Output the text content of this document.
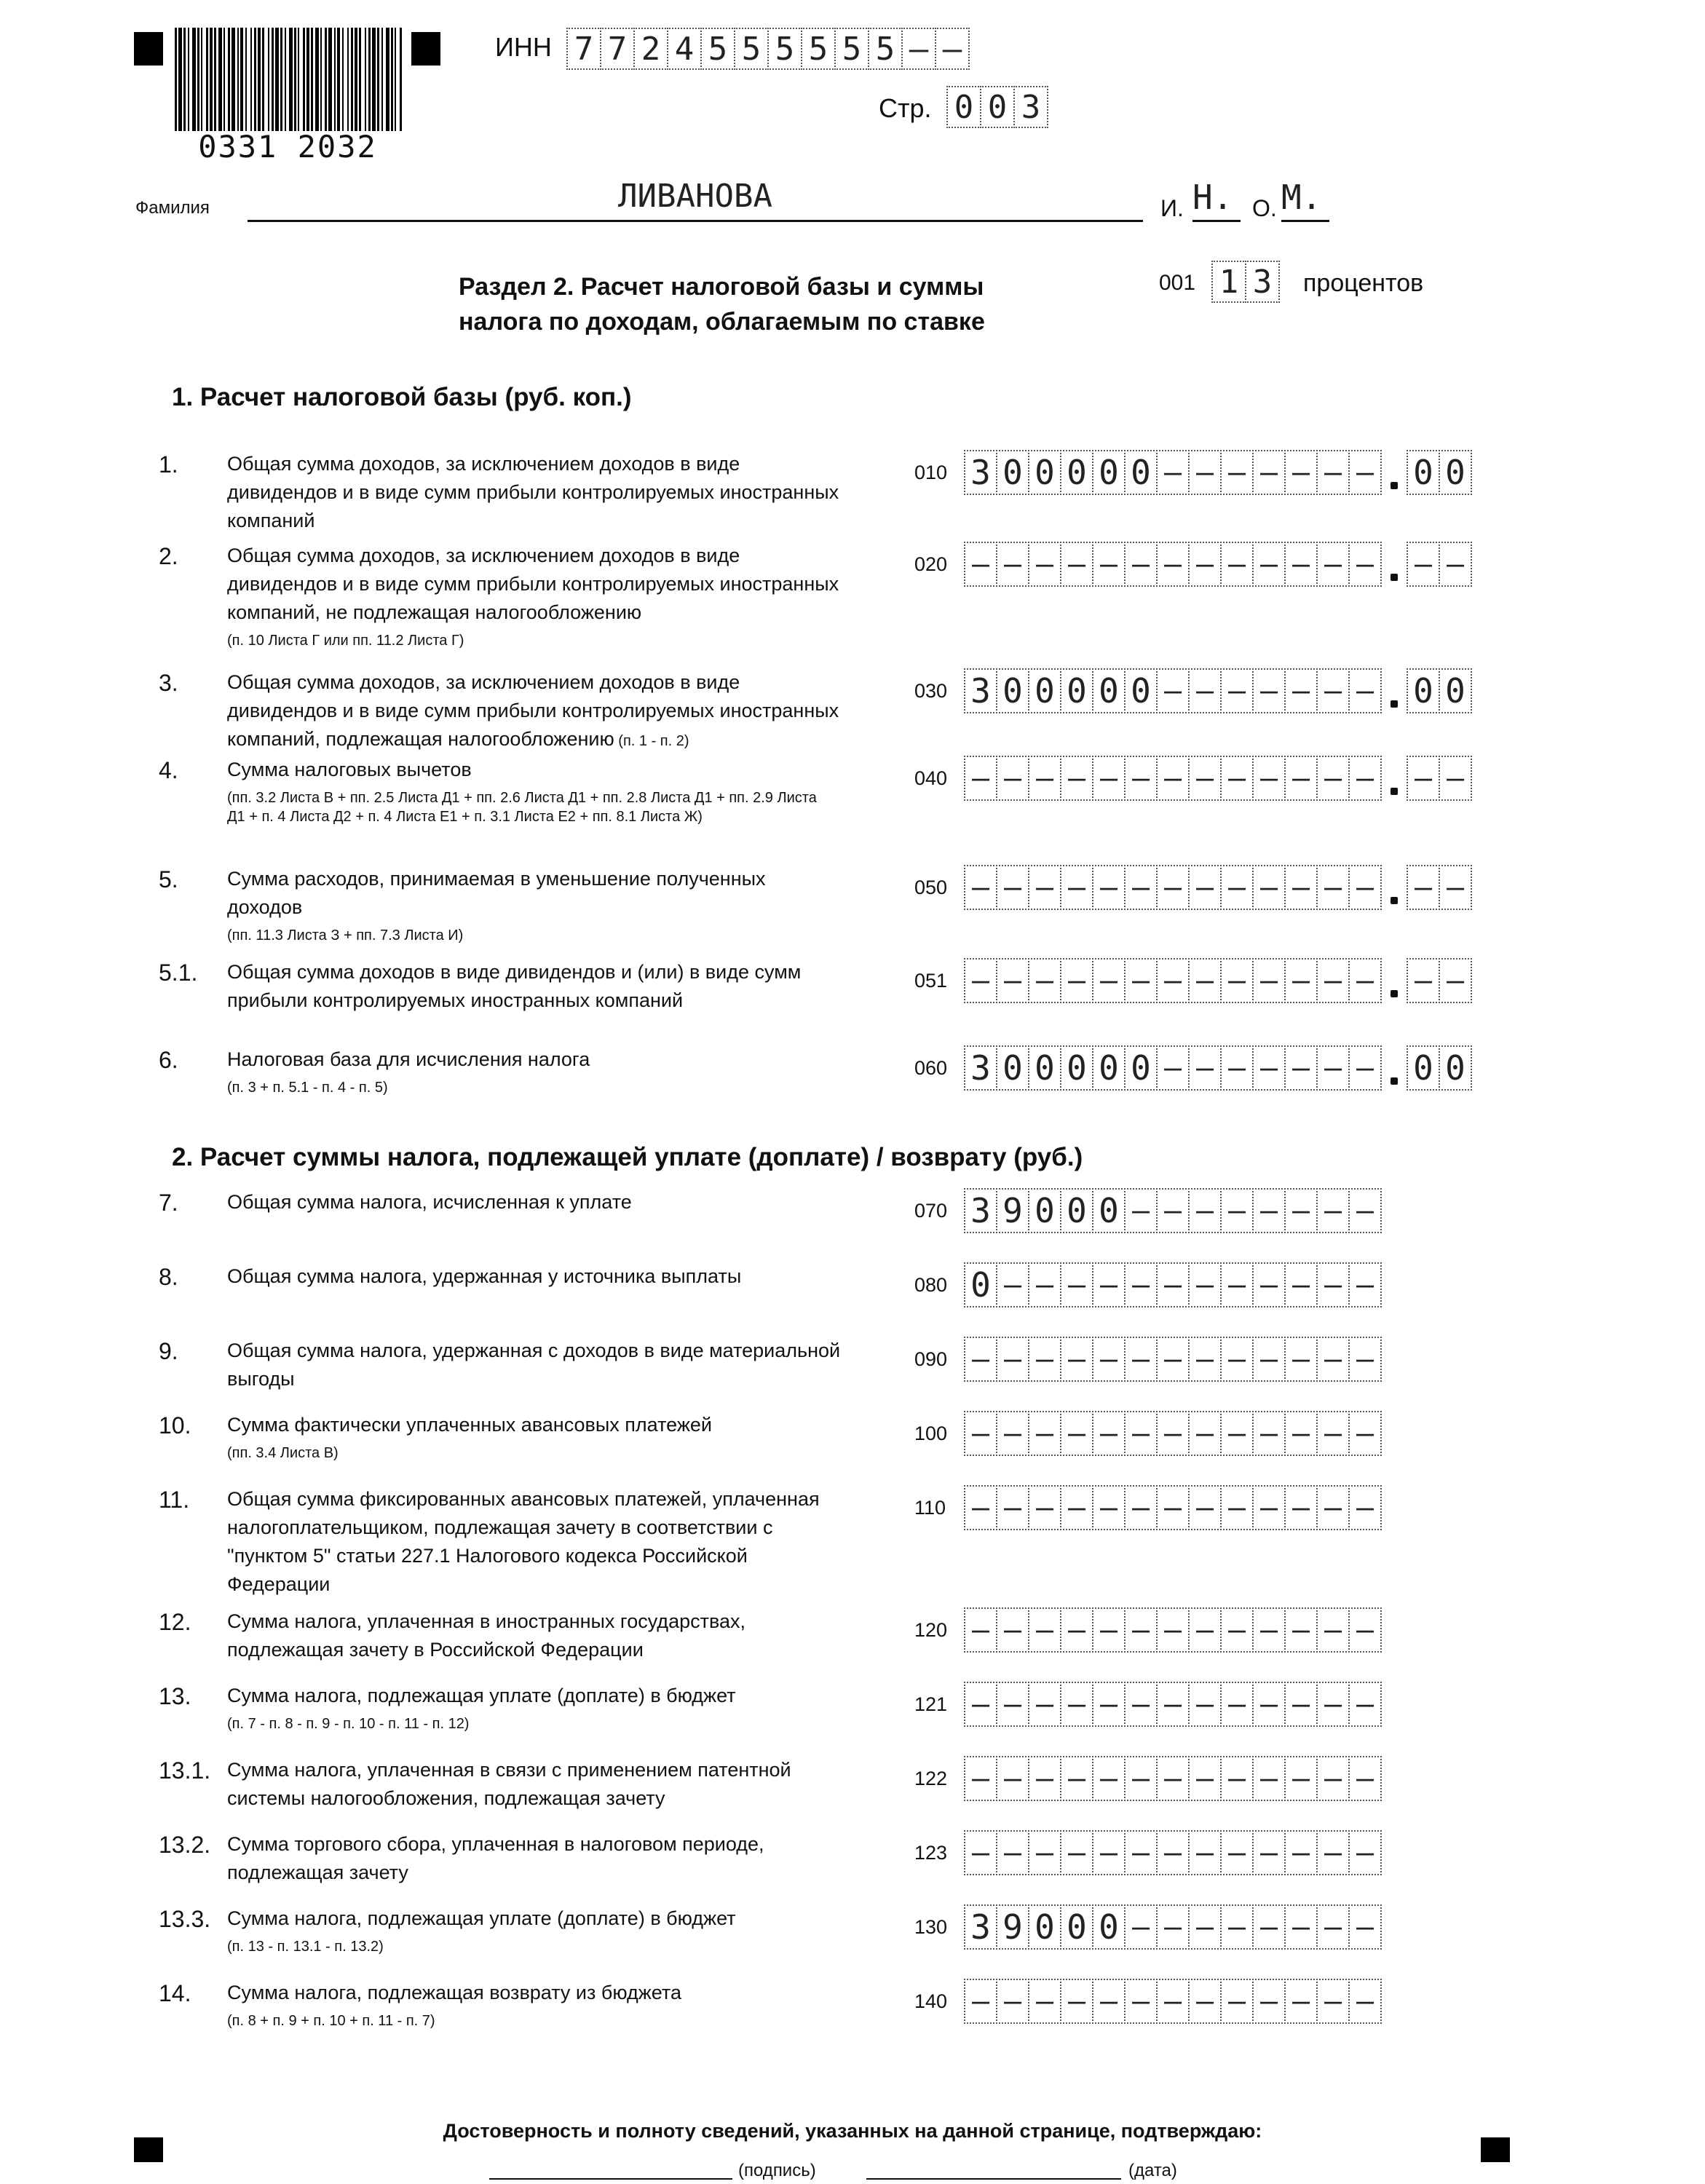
0331 2032
ИНН 7 7 2 4 5 5 5 5 5 5 – –
Стр. 0 0 3
Фамилия	ЛИВАНОВА	И. Н. О. М.
Раздел 2. Расчет налоговой базы и суммы
налога по доходам, облагаемым по ставке
001 1 3	процентов
1. Расчет налоговой базы (руб. коп.)
2. Расчет суммы налога, подлежащей уплате (доплате) / возврату (руб.)
1. Общая сумма доходов, за исключением доходов в виде
дивидендов и в виде сумм прибыли контролируемых иностранных
компаний
010 3 0 0 0 0 0 – – – – – – – 0 0
2. Общая сумма доходов, за исключением доходов в виде
дивидендов и в виде сумм прибыли контролируемых иностранных
компаний, не подлежащая налогообложению
(п. 10 Листа Г или пп. 11.2 Листа Г)
020 – – – – – – – – – – – – – – –
3. Общая сумма доходов, за исключением доходов в виде
дивидендов и в виде сумм прибыли контролируемых иностранных
компаний, подлежащая налогообложению (п. 1 - п. 2)
030 3 0 0 0 0 0 – – – – – – – 0 0
4. Сумма налоговых вычетов
(пп. 3.2 Листа В + пп. 2.5 Листа Д1 + пп. 2.6 Листа Д1 + пп. 2.8 Листа Д1 + пп. 2.9 Листа
Д1 + п. 4 Листа Д2 + п. 4 Листа Е1 + п. 3.1 Листа Е2 + пп. 8.1 Листа Ж)
040 – – – – – – – – – – – – – – –
5. Сумма расходов, принимаемая в уменьшение полученных
доходов
(пп. 11.3 Листа З + пп. 7.3 Листа И)
050 – – – – – – – – – – – – – – –
5.1. Общая сумма доходов в виде дивидендов и (или) в виде сумм
прибыли контролируемых иностранных компаний
051 – – – – – – – – – – – – – – –
6. Налоговая база для исчисления налога
(п. 3 + п. 5.1 - п. 4 - п. 5)
060 3 0 0 0 0 0 – – – – – – – 0 0
7. Общая сумма налога, исчисленная к уплате	070 3 9 0 0 0 – – – – – – – –
8. Общая сумма налога, удержанная у источника выплаты	080 0 – – – – – – – – – – – –
9. Общая сумма налога, удержанная с доходов в виде материальной
выгоды
090 – – – – – – – – – – – – –
10. Сумма фактически уплаченных авансовых платежей
(пп. 3.4 Листа В)
100 – – – – – – – – – – – – –
11. Общая сумма фиксированных авансовых платежей, уплаченная
налогоплательщиком, подлежащая зачету в соответствии с
"пунктом 5" статьи 227.1 Налогового кодекса Российской
Федерации
110 – – – – – – – – – – – – –
12. Сумма налога, уплаченная в иностранных государствах,
подлежащая зачету в Российской Федерации
120 – – – – – – – – – – – – –
13. Сумма налога, подлежащая уплате (доплате) в бюджет
(п. 7 - п. 8 - п. 9 - п. 10 - п. 11 - п. 12)
121 – – – – – – – – – – – – –
13.1. Сумма налога, уплаченная в связи с применением патентной
системы налогообложения, подлежащая зачету
122 – – – – – – – – – – – – –
13.2. Сумма торгового сбора, уплаченная в налоговом периоде,
подлежащая зачету
123 – – – – – – – – – – – – –
13.3. Сумма налога, подлежащая уплате (доплате) в бюджет
(п. 13 - п. 13.1 - п. 13.2)
130 3 9 0 0 0 – – – – – – – –
14. Сумма налога, подлежащая возврату из бюджета
(п. 8 + п. 9 + п. 10 + п. 11 - п. 7)
140 – – – – – – – – – – – – –
Достоверность и полноту сведений, указанных на данной странице, подтверждаю:
(подпись)	(дата)
